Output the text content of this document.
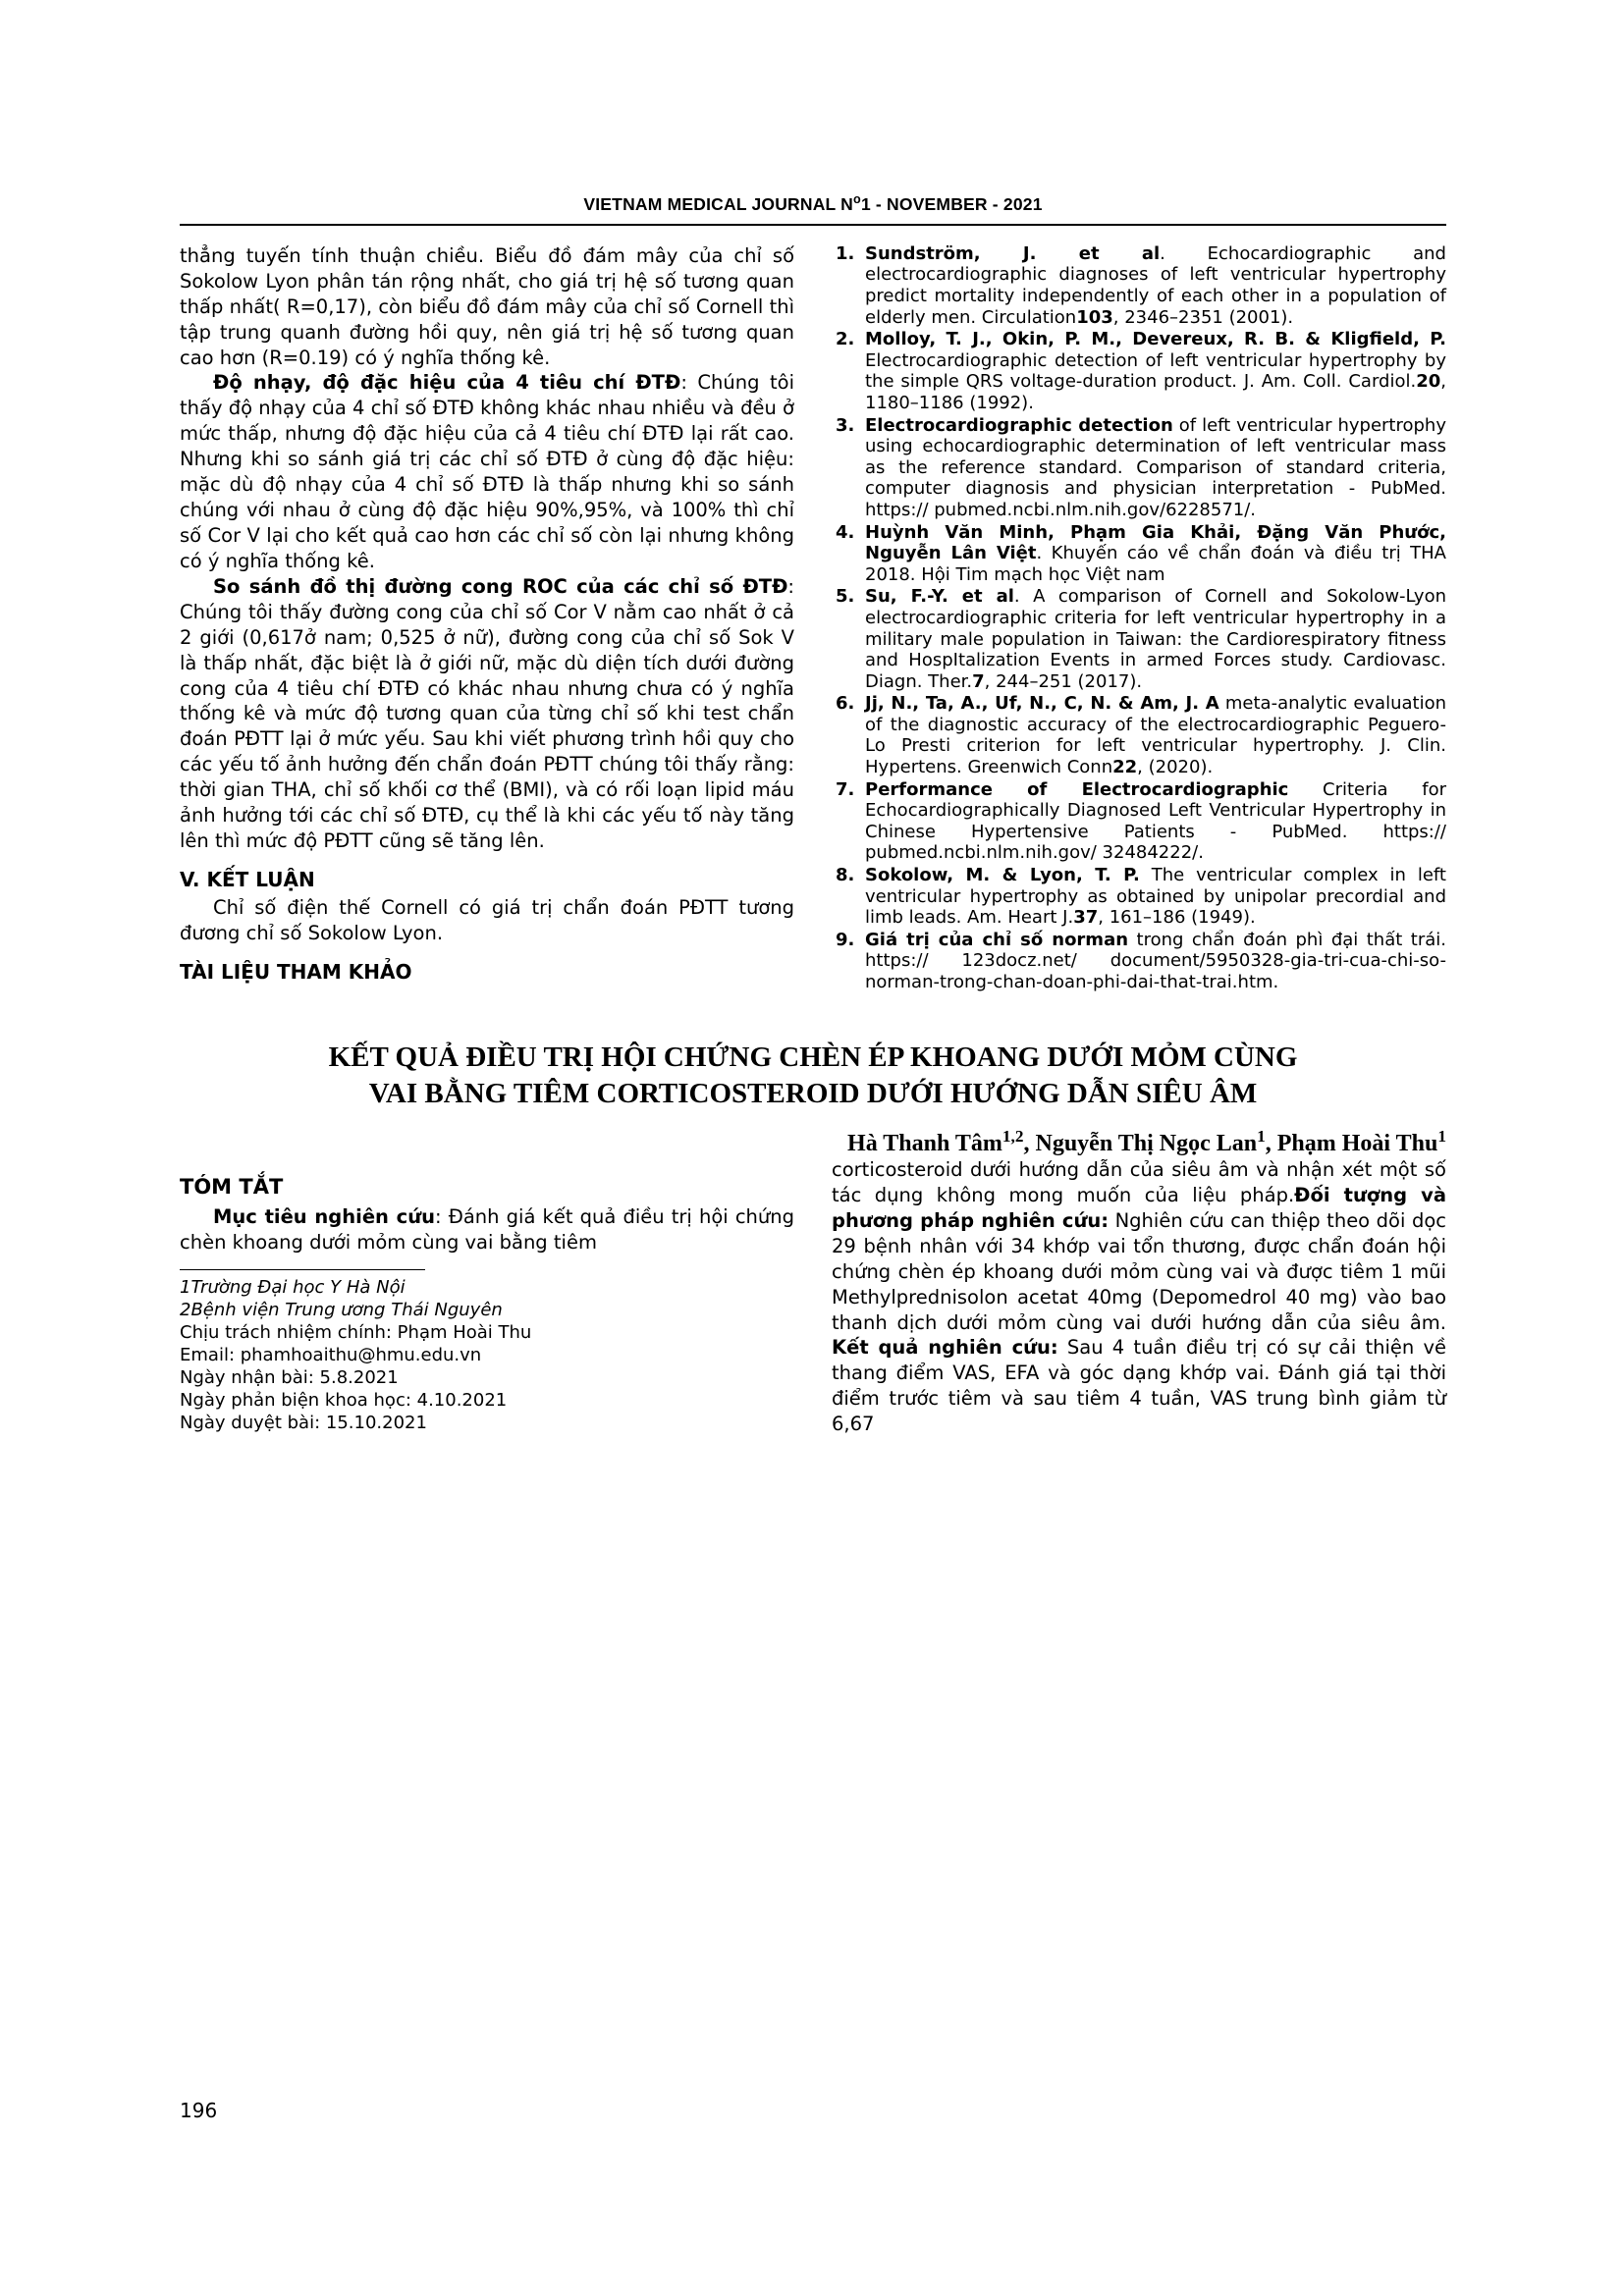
VIETNAM MEDICAL JOURNAL $N^o1$ - NOVEMBER - 2021

thẳng tuyến tính thuận chiều. Biểu đồ đám mây của chỉ số Sokolow Lyon phân tán rộng nhất, cho giá trị hệ số tương quan thấp nhất( R=0,17), còn biểu đồ đám mây của chỉ số Cornell thì tập trung quanh đường hồi quy, nên giá trị hệ số tương quan cao hơn (R=0.19) có ý nghĩa thống kê.

Độ nhạy, độ đặc hiệu của 4 tiêu chí ĐTĐ: Chúng tôi thấy độ nhạy của 4 chỉ số ĐTĐ không khác nhau nhiều và đều ở mức thấp, nhưng độ đặc hiệu của cả 4 tiêu chí ĐTĐ lại rất cao. Nhưng khi so sánh giá trị các chỉ số ĐTĐ ở cùng độ đặc hiệu: mặc dù độ nhạy của 4 chỉ số ĐTĐ là thấp nhưng khi so sánh chúng với nhau ở cùng độ đặc hiệu 90%,95%, và 100% thì chỉ số Cor V lại cho kết quả cao hơn các chỉ số còn lại nhưng không có ý nghĩa thống kê.

So sánh đồ thị đường cong ROC của các chỉ số ĐTĐ: Chúng tôi thấy đường cong của chỉ số Cor V nằm cao nhất ở cả 2 giới (0,617ở nam; 0,525 ở nữ), đường cong của chỉ số Sok V là thấp nhất, đặc biệt là ở giới nữ, mặc dù diện tích dưới đường cong của 4 tiêu chí ĐTĐ có khác nhau nhưng chưa có ý nghĩa thống kê và mức độ tương quan của từng chỉ số khi test chẩn đoán PĐTT lại ở mức yếu. Sau khi viết phương trình hồi quy cho các yếu tố ảnh hưởng đến chẩn đoán PĐTT chúng tôi thấy rằng: thời gian THA, chỉ số khối cơ thể (BMI), và có rối loạn lipid máu ảnh hưởng tới các chỉ số ĐTĐ, cụ thể là khi các yếu tố này tăng lên thì mức độ PĐTT cũng sẽ tăng lên.

V. KẾT LUẬN

Chỉ số điện thế Cornell có giá trị chẩn đoán PĐTT tương đương chỉ số Sokolow Lyon.

TÀI LIỆU THAM KHẢO
Sundström, J. et al. Echocardiographic and electrocardiographic diagnoses of left ventricular hypertrophy predict mortality independently of each other in a population of elderly men. Circulation103, 2346–2351 (2001).
Molloy, T. J., Okin, P. M., Devereux, R. B. & Kligfield, P. Electrocardiographic detection of left ventricular hypertrophy by the simple QRS voltage-duration product. J. Am. Coll. Cardiol.20, 1180–1186 (1992).
Electrocardiographic detection of left ventricular hypertrophy using echocardiographic determination of left ventricular mass as the reference standard. Comparison of standard criteria, computer diagnosis and physician interpretation - PubMed. https:// pubmed.ncbi.nlm.nih.gov/6228571/.
Huỳnh Văn Minh, Phạm Gia Khải, Đặng Văn Phước, Nguyễn Lân Việt. Khuyến cáo về chẩn đoán và điều trị THA 2018. Hội Tim mạch học Việt nam
Su, F.-Y. et al. A comparison of Cornell and Sokolow-Lyon electrocardiographic criteria for left ventricular hypertrophy in a military male population in Taiwan: the Cardiorespiratory fitness and HospItalization Events in armed Forces study. Cardiovasc. Diagn. Ther.7, 244–251 (2017).
Jj, N., Ta, A., Uf, N., C, N. & Am, J. A meta-analytic evaluation of the diagnostic accuracy of the electrocardiographic Peguero-Lo Presti criterion for left ventricular hypertrophy. J. Clin. Hypertens. Greenwich Conn22, (2020).
Performance of Electrocardiographic Criteria for Echocardiographically Diagnosed Left Ventricular Hypertrophy in Chinese Hypertensive Patients - PubMed. https:// pubmed.ncbi.nlm.nih.gov/ 32484222/.
Sokolow, M. & Lyon, T. P. The ventricular complex in left ventricular hypertrophy as obtained by unipolar precordial and limb leads. Am. Heart J.37, 161–186 (1949).
Giá trị của chỉ số norman trong chẩn đoán phì đại thất trái. https:// 123docz.net/ document/5950328-gia-tri-cua-chi-so-norman-trong-chan-doan-phi-dai-that-trai.htm.
KẾT QUẢ ĐIỀU TRỊ HỘI CHỨNG CHÈN ÉP KHOANG DƯỚI MỎM CÙNG
VAI BẰNG TIÊM CORTICOSTEROID DƯỚI HƯỚNG DẪN SIÊU ÂM
Hà Thanh Tâm$^{1,2}$, Nguyễn Thị Ngọc Lan$^1$, Phạm Hoài Thu$^1$
TÓM TẮT

Mục tiêu nghiên cứu: Đánh giá kết quả điều trị hội chứng chèn khoang dưới mỏm cùng vai bằng tiêm

1Trường Đại học Y Hà Nội
2Bệnh viện Trung ương Thái Nguyên
Chịu trách nhiệm chính: Phạm Hoài Thu
Email: phamhoaithu@hmu.edu.vn
Ngày nhận bài: 5.8.2021
Ngày phản biện khoa học: 4.10.2021
Ngày duyệt bài: 15.10.2021

corticosteroid dưới hướng dẫn của siêu âm và nhận xét một số tác dụng không mong muốn của liệu pháp.Đối tượng và phương pháp nghiên cứu: Nghiên cứu can thiệp theo dõi dọc 29 bệnh nhân với 34 khớp vai tổn thương, được chẩn đoán hội chứng chèn ép khoang dưới mỏm cùng vai và được tiêm 1 mũi Methylprednisolon acetat 40mg (Depomedrol 40 mg) vào bao thanh dịch dưới mỏm cùng vai dưới hướng dẫn của siêu âm. Kết quả nghiên cứu: Sau 4 tuần điều trị có sự cải thiện về thang điểm VAS, EFA và góc dạng khớp vai. Đánh giá tại thời điểm trước tiêm và sau tiêm 4 tuần, VAS trung bình giảm từ 6,67

196
